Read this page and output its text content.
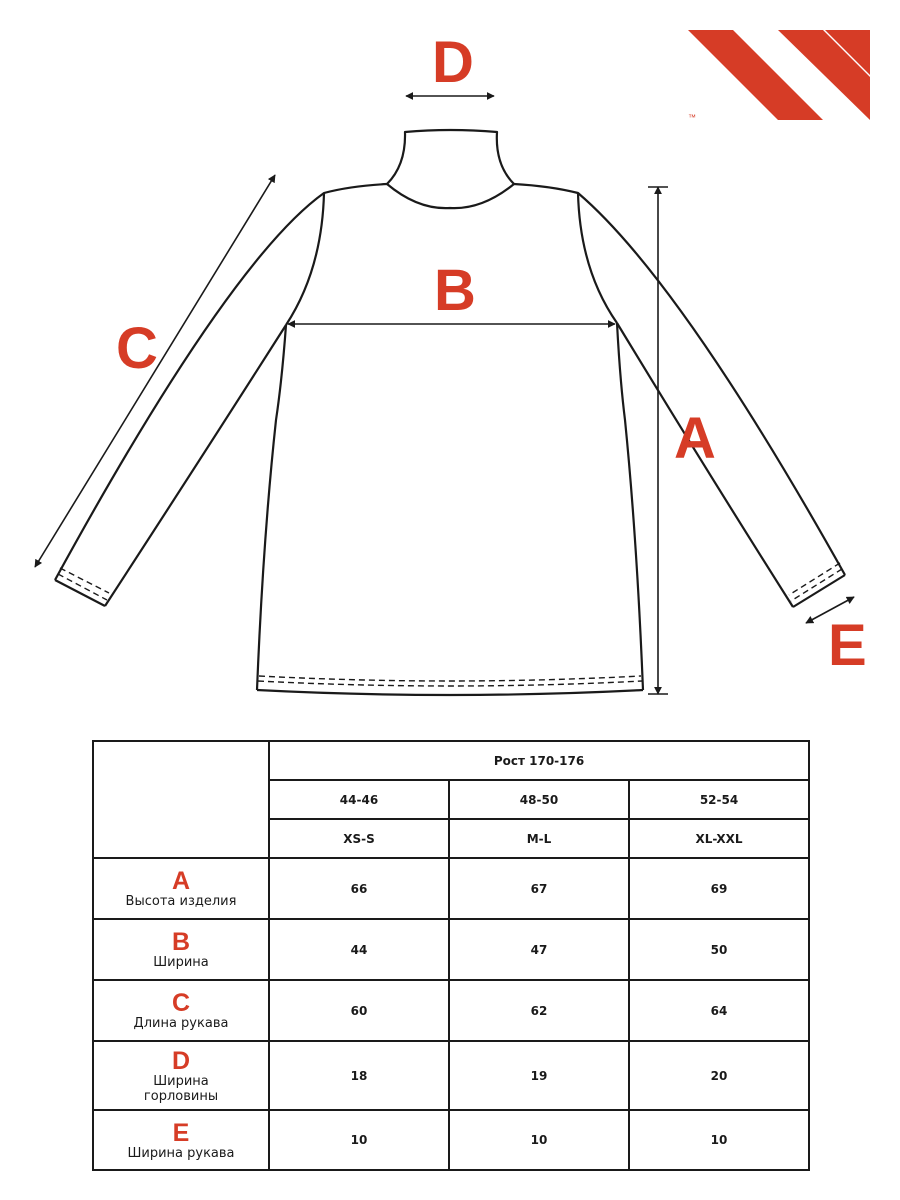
™
D
B
C
A
E
	Рост 170-176		
	44-46	48-50	52-54
	XS-S	M-L	XL-XXL

A
Высота изделия	66	67	69

B
Ширина	44	47	50

C
Длина рукава	60	62	64

D
Ширина
горловины	18	19	20

E
Ширина рукава	10	10	10
